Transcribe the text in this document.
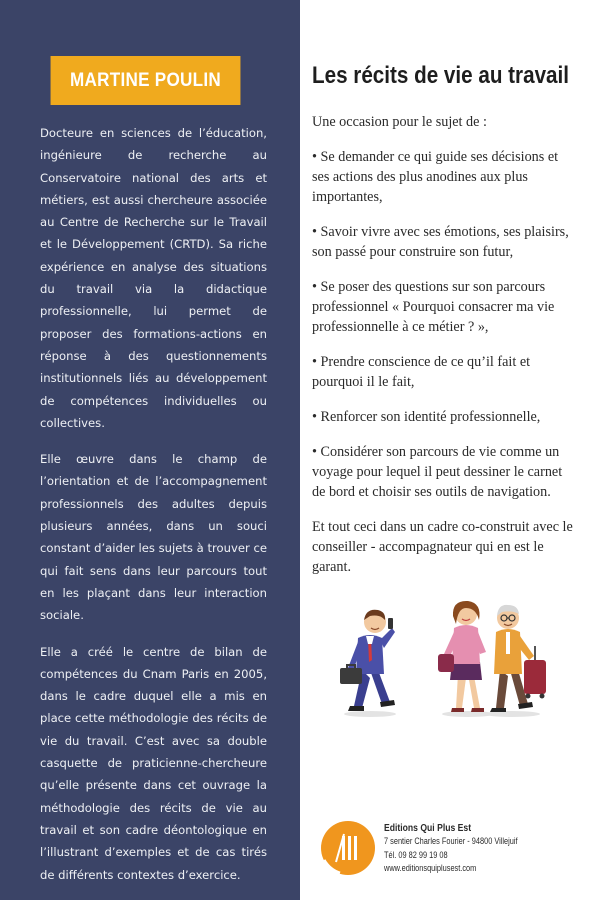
MARTINE POULIN

Docteure en sciences de l’éducation, ingénieure de recherche au Conservatoire national des arts et métiers, est aussi chercheure associée au Centre de Recherche sur le Travail et le Développement (CRTD). Sa riche expérience en analyse des situations du travail via la didactique professionnelle, lui permet de proposer des formations-actions en réponse à des questionnements institutionnels liés au développement de compétences individuelles ou collectives.

Elle œuvre dans le champ de l’orientation et de l’accompagnement professionnels des adultes depuis plusieurs années, dans un souci constant d’aider les sujets à trouver ce qui fait sens dans leur parcours tout en les plaçant dans leur interaction sociale.

Elle a créé le centre de bilan de compétences du Cnam Paris en 2005, dans le cadre duquel elle a mis en place cette méthodologie des récits de vie du travail. C’est avec sa double casquette de praticienne-chercheure qu’elle présente dans cet ouvrage la méthodologie des récits de vie au travail et son cadre déontologique en l’illustrant d’exemples et de cas tirés de différents contextes d’exercice.

Les récits de vie au travail

Une occasion pour le sujet de :

• Se demander ce qui guide ses décisions et ses actions des plus anodines aux plus importantes,
• Savoir vivre avec ses émotions, ses plaisirs, son passé pour construire son futur,
• Se poser des questions sur son parcours professionnel « Pourquoi consacrer ma vie professionnelle à ce métier ? »,
• Prendre conscience de ce qu’il fait et pourquoi il le fait,
• Renforcer son identité professionnelle,
• Considérer son parcours de vie comme un voyage pour lequel il peut dessiner le carnet de bord et choisir ses outils de navigation.

Et tout ceci dans un cadre co-construit avec le conseiller - accompagnateur qui en est le garant.

Editions Qui Plus Est
7 sentier Charles Fourier - 94800 Villejuif
Tél. 09 82 99 19 08
www.editionsquiplusest.com
